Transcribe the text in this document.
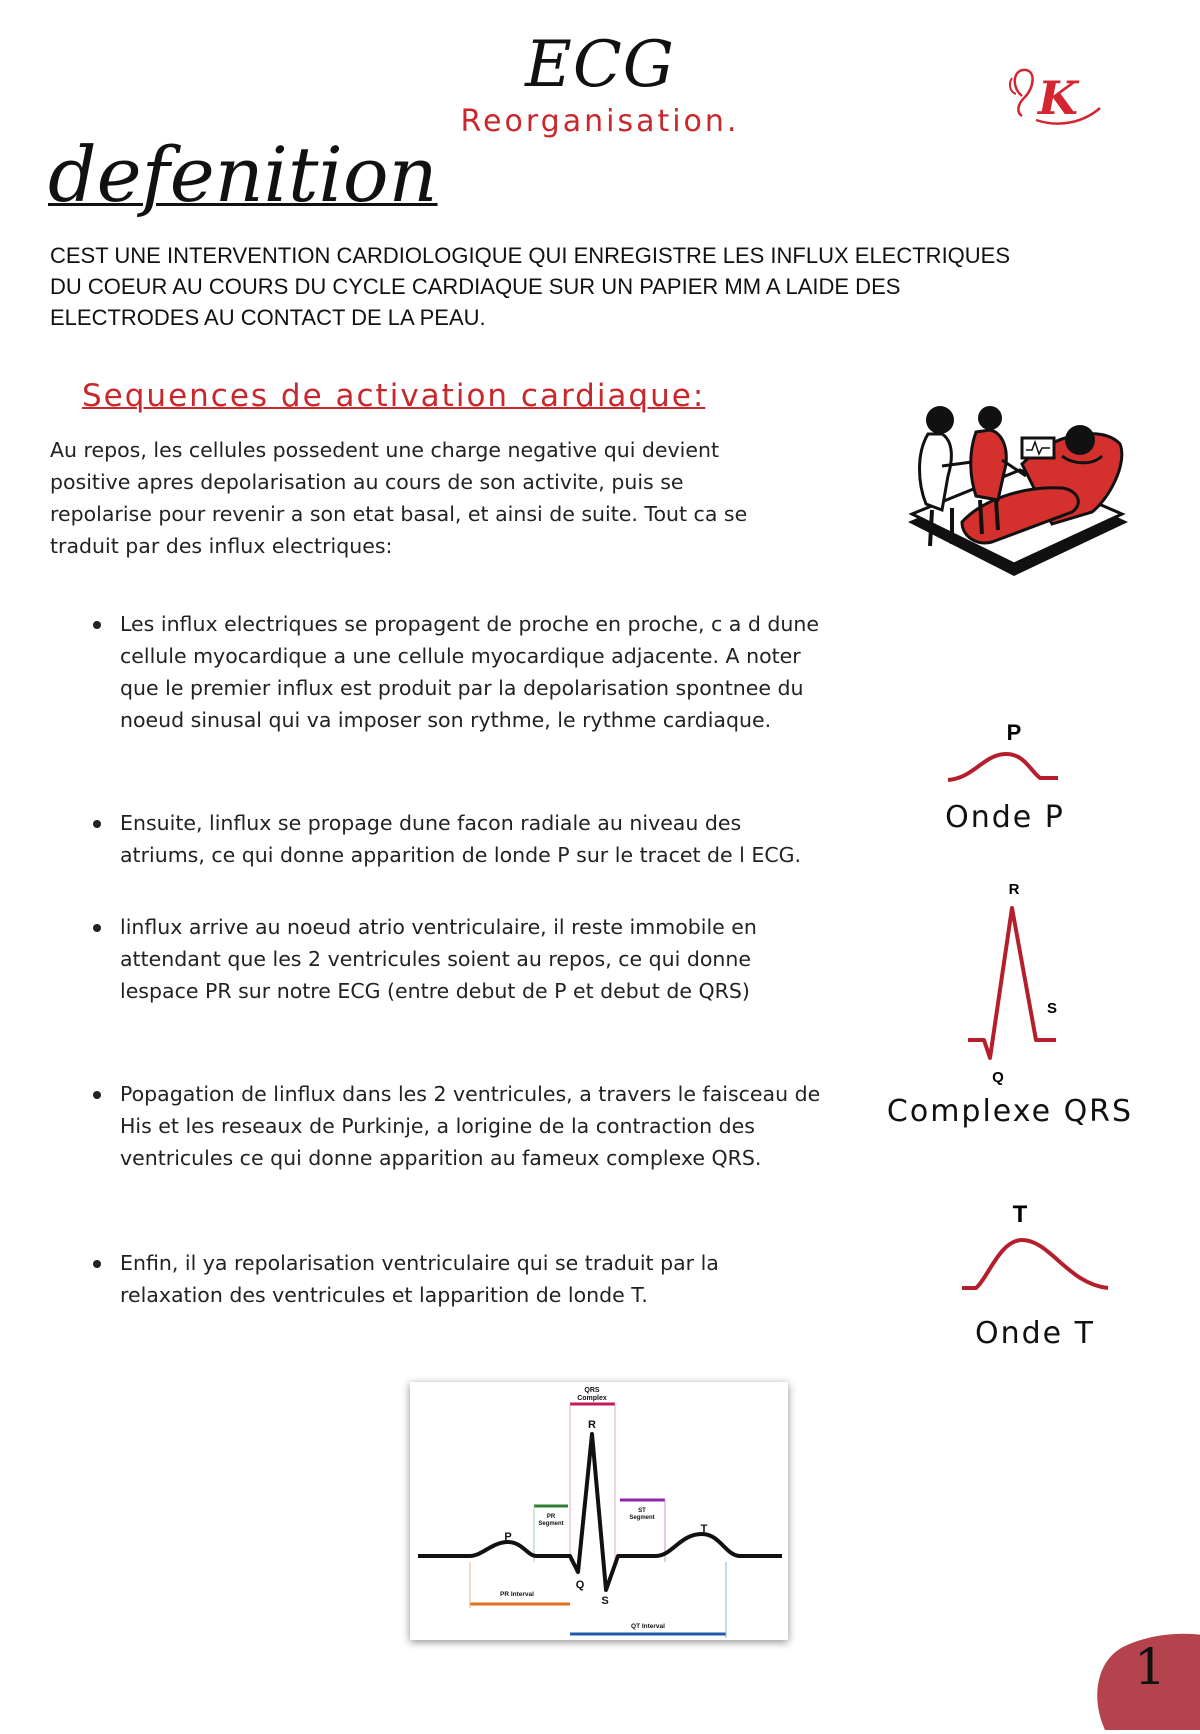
ECG
Reorganisation.	K
defenition
CEST UNE INTERVENTION CARDIOLOGIQUE QUI ENREGISTRE LES INFLUX ELECTRIQUES DU COEUR AU COURS DU CYCLE CARDIAQUE SUR UN PAPIER MM A LAIDE DES ELECTRODES AU CONTACT DE LA PEAU.
Sequences de activation cardiaque:
Au repos, les cellules possedent une charge negative qui devient positive apres depolarisation au cours de son activite, puis se repolarise pour revenir a son etat basal, et ainsi de suite. Tout ca se traduit par des influx electriques:
Les influx electriques se propagent de proche en proche, c a d dune cellule myocardique a une cellule myocardique adjacente. A noter que le premier influx est produit par la depolarisation spontnee du noeud sinusal qui va imposer son rythme, le rythme cardiaque.
Ensuite, linflux se propage dune facon radiale au niveau des atriums, ce qui donne apparition de londe P sur le tracet de l ECG.
linflux arrive au noeud atrio ventriculaire, il reste immobile en attendant que les 2 ventricules soient au repos, ce qui donne lespace PR sur notre ECG (entre debut de P et debut de QRS)
Popagation de linflux dans les 2 ventricules, a travers le faisceau de His et les reseaux de Purkinje, a lorigine de la contraction des ventricules ce qui donne apparition au fameux complexe QRS.
Enfin, il ya repolarisation ventriculaire qui se traduit par la relaxation des ventricules et lapparition de londe T.
P
Onde P
R
S
Q
Complexe QRS
T
Onde T
QRS
Complex
R
P
Q
S
T
PR
Segment
ST
Segment
PR Interval
QT Interval
1
